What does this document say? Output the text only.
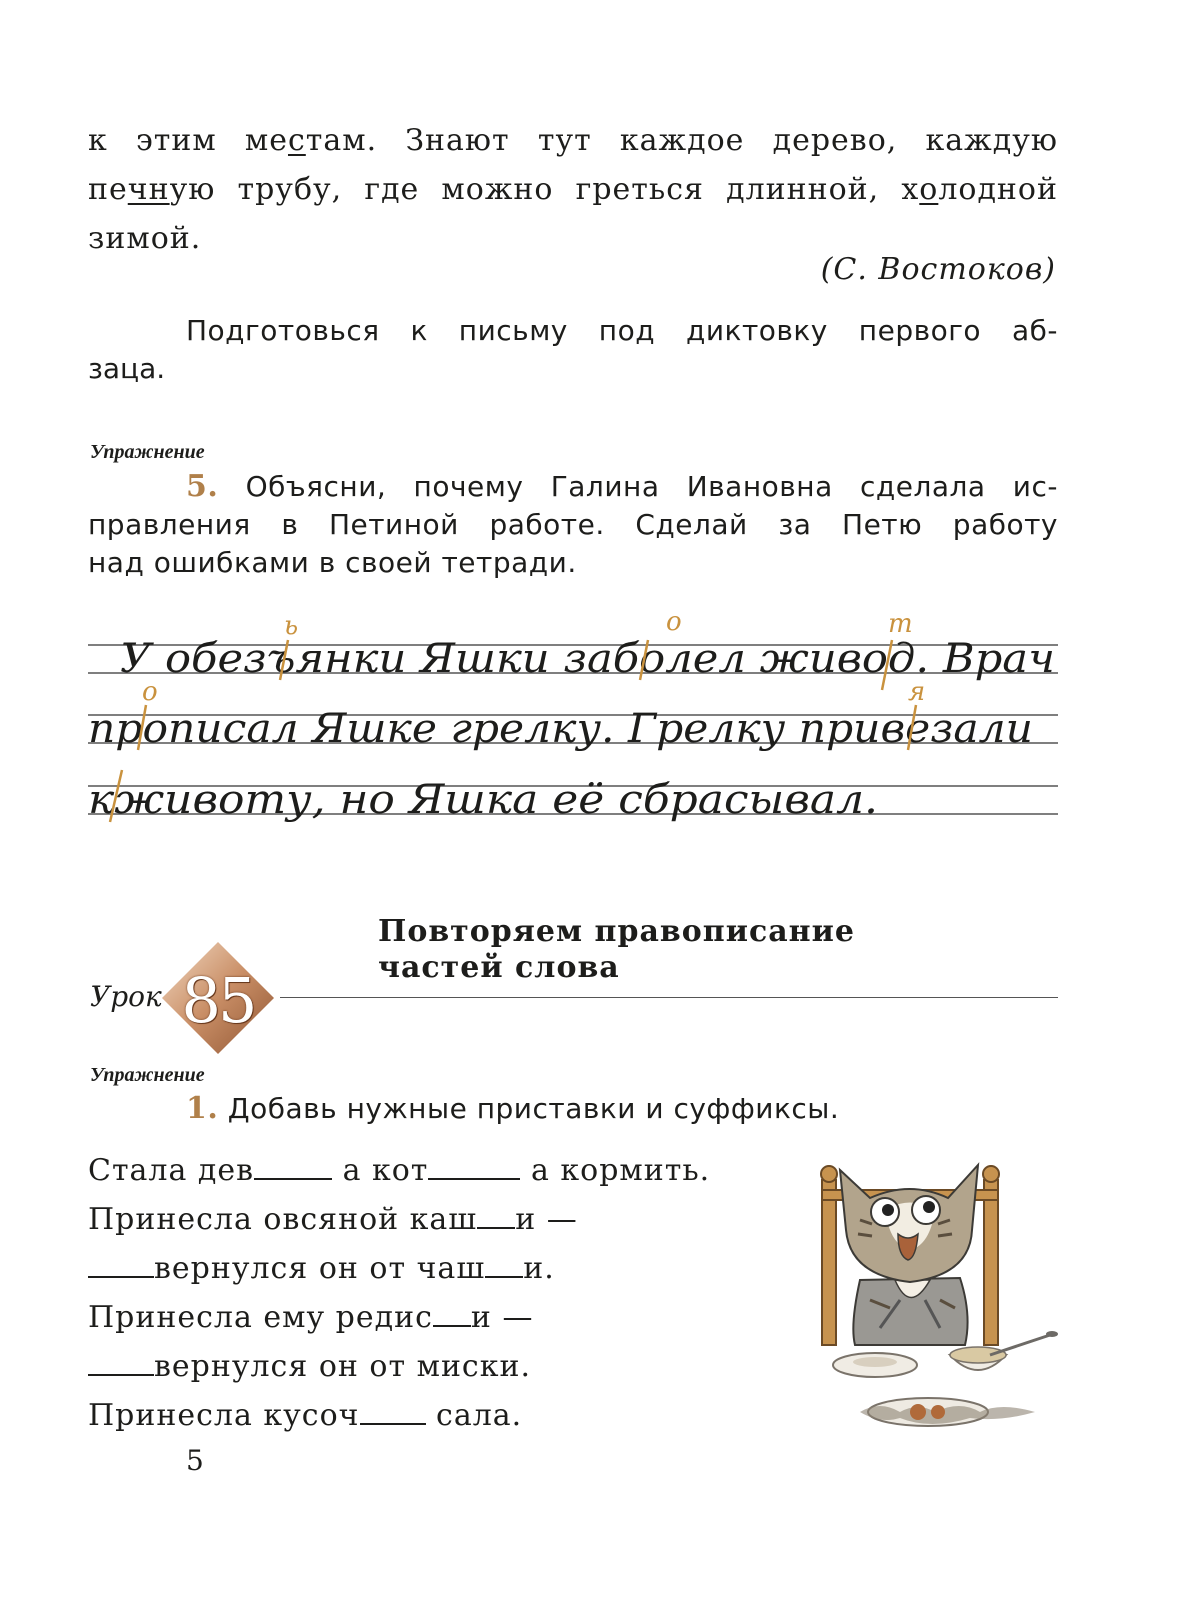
к этим местам. Знают тут каждое дерево, каждую
печную трубу, где можно греться длинной, холодной
зимой.
(С. Востоков)
Подготовься к письму под диктовку первого аб-
заца.
Упражнение
5. Объясни, почему Галина Ивановна сделала ис-
правления в Петиной работе. Сделай за Петю работу
над ошибками в своей тетради.
У обезъянки Яшки заболел живод. Врач
прописал Яшке грелку. Грелку привезали
кживоту, но Яшка её сбрасывал.
ь	о	т
о	я
Повторяем правописание
частей слова
Урок 85
Упражнение
1. Добавь нужные приставки и суффиксы.
Стала дев	а кот	а кормить.
Принесла овсяной каш и —
вернулся он от чаш и.
Принесла ему редис и —
вернулся он от миски.
Принесла кусоч	сала.
5
